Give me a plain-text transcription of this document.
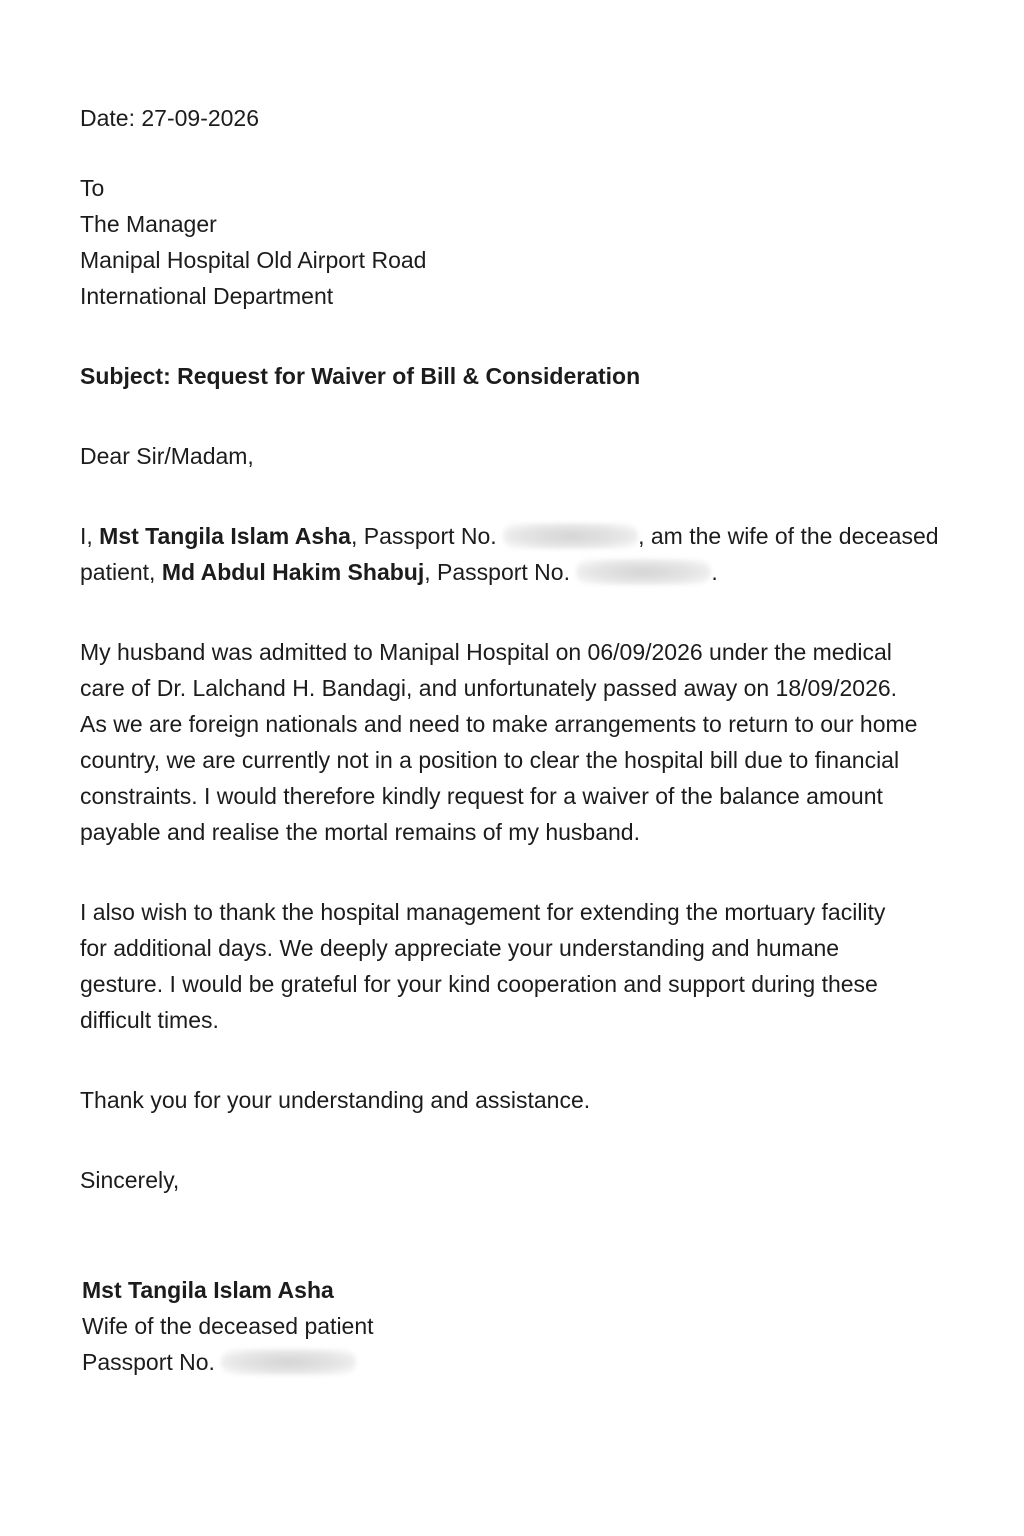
Date: 27-09-2026
To
The Manager
Manipal Hospital Old Airport Road
International Department
Subject: Request for Waiver of Bill & Consideration
Dear Sir/Madam,
I, Mst Tangila Islam Asha, Passport No.	, am the wife of the deceased
patient, Md Abdul Hakim Shabuj, Passport No.	.
My husband was admitted to Manipal Hospital on 06/09/2026 under the medical
care of Dr. Lalchand H. Bandagi, and unfortunately passed away on 18/09/2026.
As we are foreign nationals and need to make arrangements to return to our home
country, we are currently not in a position to clear the hospital bill due to financial
constraints. I would therefore kindly request for a waiver of the balance amount
payable and realise the mortal remains of my husband.
I also wish to thank the hospital management for extending the mortuary facility
for additional days. We deeply appreciate your understanding and humane
gesture. I would be grateful for your kind cooperation and support during these
difficult times.
Thank you for your understanding and assistance.
Sincerely,
Mst Tangila Islam Asha
Wife of the deceased patient
Passport No.
